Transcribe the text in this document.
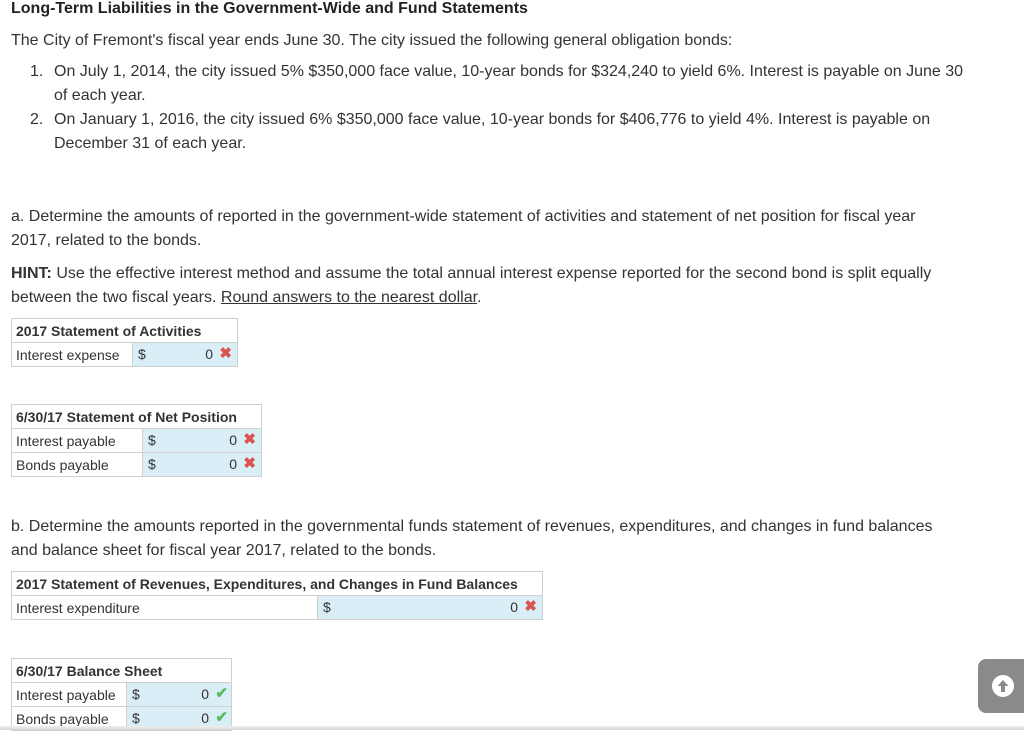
Long-Term Liabilities in the Government-Wide and Fund Statements
The City of Fremont's fiscal year ends June 30. The city issued the following general obligation bonds:
1. On July 1, 2014, the city issued 5% $350,000 face value, 10-year bonds for $324,240 to yield 6%. Interest is payable on June 30
of each year.
2. On January 1, 2016, the city issued 6% $350,000 face value, 10-year bonds for $406,776 to yield 4%. Interest is payable on
December 31 of each year.
a. Determine the amounts of reported in the government-wide statement of activities and statement of net position for fiscal year
2017, related to the bonds.
HINT: Use the effective interest method and assume the total annual interest expense reported for the second bond is split equally
between the two fiscal years. Round answers to the nearest dollar.
2017 Statement of Activities
Interest expense	$	0 ✖
6/30/17 Statement of Net Position	
Interest payable	$ 0 ✖

Bonds payable	$ 0 ✖
b. Determine the amounts reported in the governmental funds statement of revenues, expenditures, and changes in fund balances
and balance sheet for fiscal year 2017, related to the bonds.
2017 Statement of Revenues, Expenditures, and Changes in Fund Balances
Interest expenditure	$	0 ✖
6/30/17 Balance Sheet	
Interest payable	$ 0 ✔

Bonds payable	$ 0 ✔
